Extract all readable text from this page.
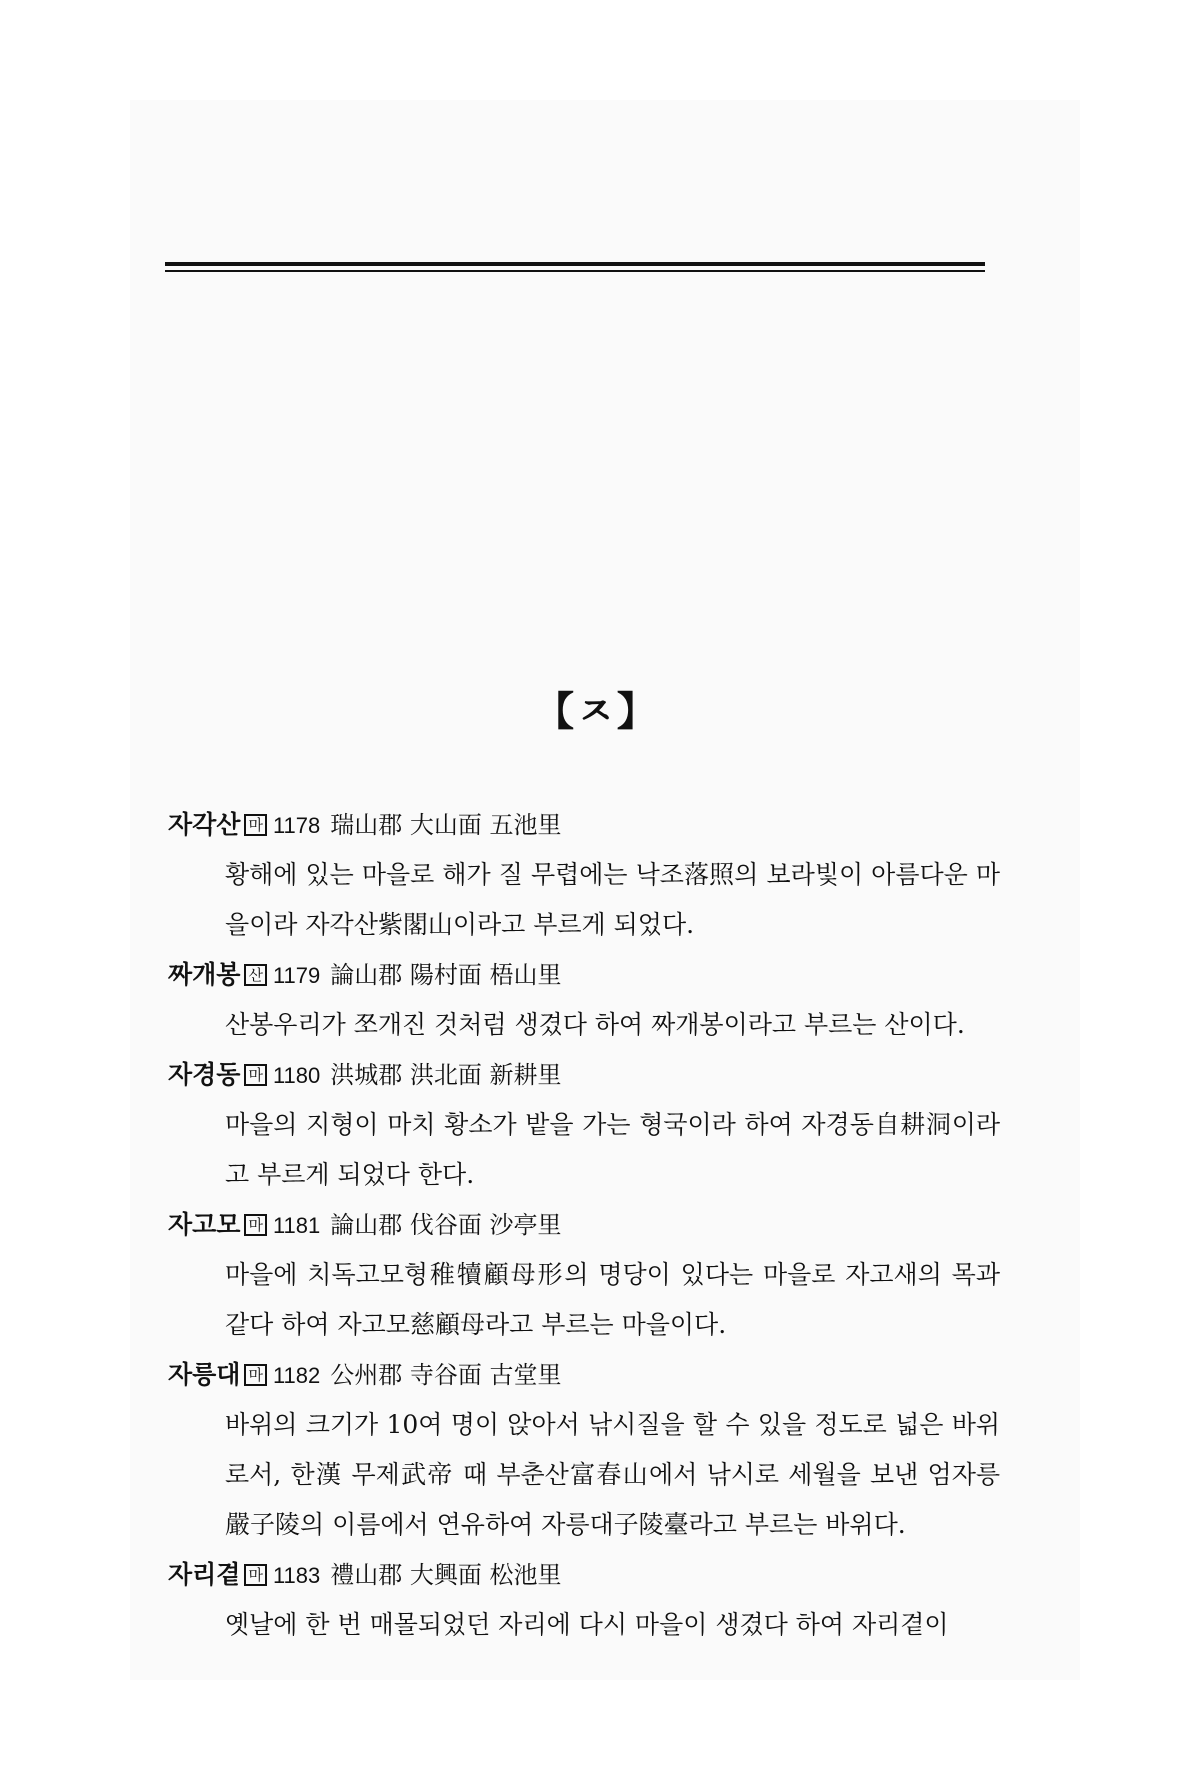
【ㅈ】
자각산 마 1178 瑞山郡 大山面 五池里

황해에 있는 마을로 해가 질 무렵에는 낙조落照의 보라빛이 아름다운 마을이라 자각산紫閣山이라고 부르게 되었다.

짜개봉 산 1179 論山郡 陽村面 梧山里

산봉우리가 쪼개진 것처럼 생겼다 하여 짜개봉이라고 부르는 산이다.

자경동 마 1180 洪城郡 洪北面 新耕里

마을의 지형이 마치 황소가 밭을 가는 형국이라 하여 자경동自耕洞이라고 부르게 되었다 한다.

자고모 마 1181 論山郡 伐谷面 沙亭里

마을에 치독고모형稚犢顧母形의 명당이 있다는 마을로 자고새의 목과 같다 하여 자고모慈顧母라고 부르는 마을이다.

자릉대 마 1182 公州郡 寺谷面 古堂里

바위의 크기가 10여 명이 앉아서 낚시질을 할 수 있을 정도로 넓은 바위로서, 한漢 무제武帝 때 부춘산富春山에서 낚시로 세월을 보낸 엄자릉嚴子陵의 이름에서 연유하여 자릉대子陵臺라고 부르는 바위다.

자리곁 마 1183 禮山郡 大興面 松池里

옛날에 한 번 매몰되었던 자리에 다시 마을이 생겼다 하여 자리곁이
